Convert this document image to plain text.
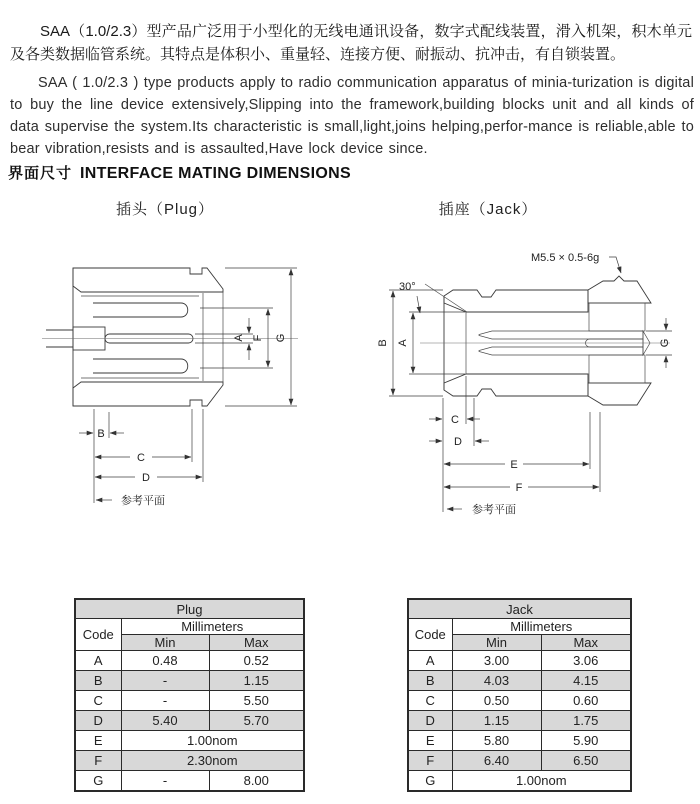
SAA（1.0/2.3）型产品广泛用于小型化的无线电通讯设备，数字式配线装置，滑入机架，积木单元及各类数据临管系统。其特点是体积小、重量轻、连接方便、耐振动、抗冲击，有自锁装置。

SAA ( 1.0/2.3 ) type products apply to radio communication apparatus of minia-turization is digital to buy the line device extensively,Slipping into the framework,building blocks unit and all kinds of data supervise the system.Its characteristic is small,light,joins helping,perfor-mance is reliable,able to bear vibration,resists and is assaulted,Have lock device since.

界面尺寸 INTERFACE MATING DIMENSIONS
插头（Plug）	插座（Jack）
A F G
B
C
D
参考平面
M5.5 × 0.5-6g
30°
B A	G
C
D
E
F
参考平面
Plug		
Code	Millimeters	
	Min	Max
A	0.48	0.52
B	-	1.15
C	-	5.50
D	5.40	5.70
E	1.00nom	
F	2.30nom	
G	-	8.00
Jack		
Code	Millimeters	
	Min	Max
A	3.00	3.06
B	4.03	4.15
C	0.50	0.60
D	1.15	1.75
E	5.80	5.90
F	6.40	6.50
G	1.00nom	
